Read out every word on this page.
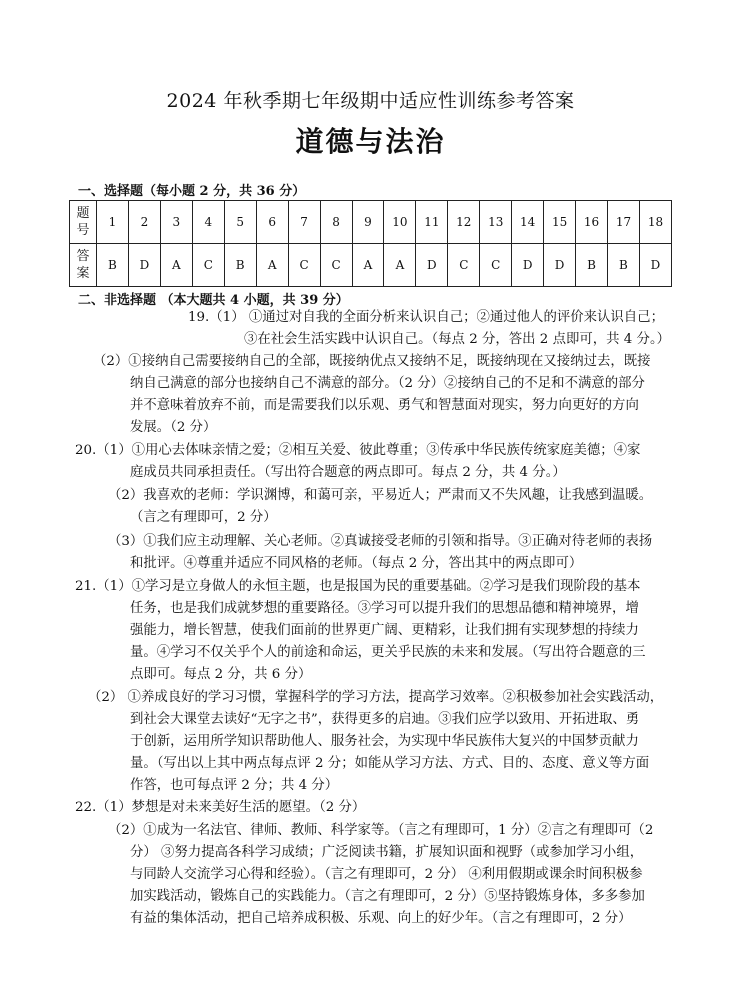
2024 年秋季期七年级期中适应性训练参考答案
道德与法治
一、选择题（每小题 2 分，共 36 分）
题
号	1	2	3	4	5	6	7	8	9	10	11	12	13	14	15	16	17	18
答
案	B	D	A	C	B	A	C	C	A	A	D	C	C	D	D	B	B	D
二、非选择题 （本大题共 4 小题，共 39 分）
19.（1） ①通过对自我的全面分析来认识自己；②通过他人的评价来认识自己；
③在社会生活实践中认识自己。（每点 2 分，答出 2 点即可，共 4 分。）
（2）①接纳自己需要接纳自己的全部，既接纳优点又接纳不足，既接纳现在又接纳过去，既接
纳自己满意的部分也接纳自己不满意的部分。（2 分）②接纳自己的不足和不满意的部分
并不意味着放弃不前，而是需要我们以乐观、勇气和智慧面对现实，努力向更好的方向
发展。（2 分）
20.（1）①用心去体味亲情之爱；②相互关爱、彼此尊重；③传承中华民族传统家庭美德；④家
庭成员共同承担责任。（写出符合题意的两点即可。每点 2 分，共 4 分。）
（2）我喜欢的老师：学识渊博，和蔼可亲，平易近人；严肃而又不失风趣，让我感到温暖。
（言之有理即可，2 分）
（3）①我们应主动理解、关心老师。②真诚接受老师的引领和指导。③正确对待老师的表扬
和批评。④尊重并适应不同风格的老师。（每点 2 分，答出其中的两点即可）
21.（1）①学习是立身做人的永恒主题，也是报国为民的重要基础。②学习是我们现阶段的基本
任务，也是我们成就梦想的重要路径。③学习可以提升我们的思想品德和精神境界，增
强能力，增长智慧，使我们面前的世界更广阔、更精彩，让我们拥有实现梦想的持续力
量。④学习不仅关乎个人的前途和命运，更关乎民族的未来和发展。（写出符合题意的三
点即可。每点 2 分，共 6 分）
（2） ①养成良好的学习习惯，掌握科学的学习方法，提高学习效率。②积极参加社会实践活动，
到社会大课堂去读好“无字之书”，获得更多的启迪。③我们应学以致用、开拓进取、勇
于创新，运用所学知识帮助他人、服务社会，为实现中华民族伟大复兴的中国梦贡献力
量。（写出以上其中两点每点评 2 分；如能从学习方法、方式、目的、态度、意义等方面
作答，也可每点评 2 分；共 4 分）
22.（1）梦想是对未来美好生活的愿望。（2 分）
（2）①成为一名法官、律师、教师、科学家等。（言之有理即可，1 分）②言之有理即可（2
分） ③努力提高各科学习成绩；广泛阅读书籍，扩展知识面和视野（或参加学习小组，
与同龄人交流学习心得和经验）。（言之有理即可，2 分） ④利用假期或课余时间积极参
加实践活动，锻炼自己的实践能力。（言之有理即可，2 分）⑤坚持锻炼身体，多多参加
有益的集体活动，把自己培养成积极、乐观、向上的好少年。（言之有理即可，2 分）
